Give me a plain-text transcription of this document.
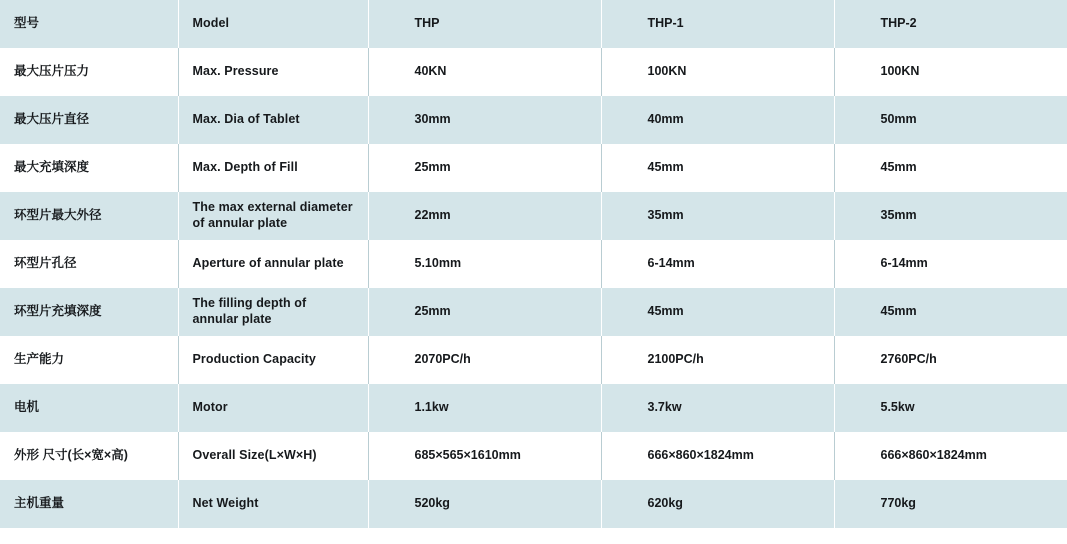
型号	Model	THP	THP-1	THP-2
最大压片压力	Max. Pressure	40KN	100KN	100KN
最大压片直径	Max. Dia of Tablet	30mm	40mm	50mm
最大充填深度	Max. Depth of Fill	25mm	45mm	45mm
环型片最大外径	The max external diameter of annular plate	22mm	35mm	35mm
环型片孔径	Aperture of annular plate	5.10mm	6-14mm	6-14mm
环型片充填深度	The filling depth of annular plate	25mm	45mm	45mm
生产能力	Production Capacity	2070PC/h	2100PC/h	2760PC/h
电机	Motor	1.1kw	3.7kw	5.5kw
外形 尺寸(长×宽×高)	Overall Size(L×W×H)	685×565×1610mm	666×860×1824mm	666×860×1824mm
主机重量	Net Weight	520kg	620kg	770kg
